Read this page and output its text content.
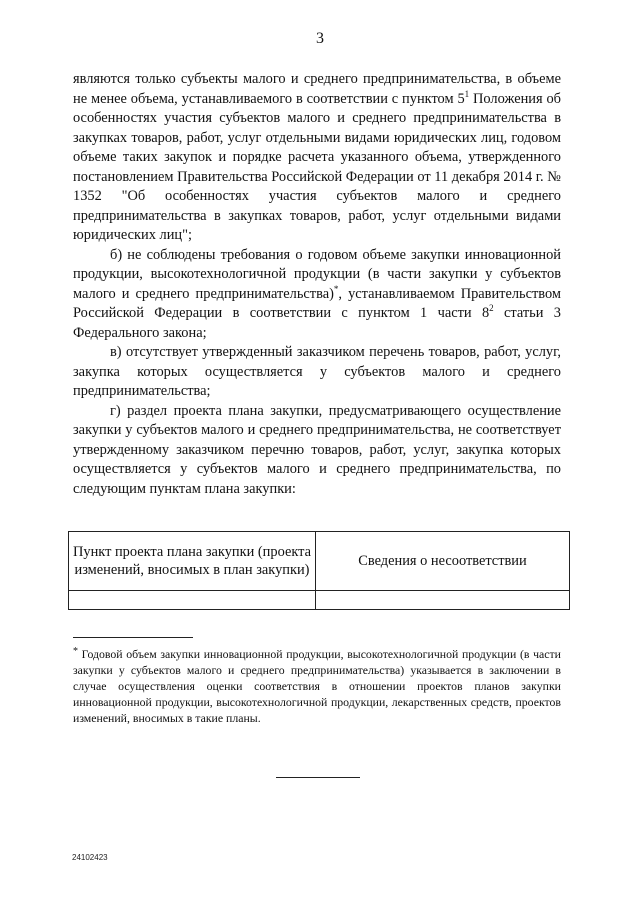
3

являются только субъекты малого и среднего предпринимательства, в объеме не менее объема, устанавливаемого в соответствии с пунктом $5^1$ Положения об особенностях участия субъектов малого и среднего предпринимательства в закупках товаров, работ, услуг отдельными видами юридических лиц, годовом объеме таких закупок и порядке расчета указанного объема, утвержденного постановлением Правительства Российской Федерации от 11 декабря 2014 г. № 1352 "Об особенностях участия субъектов малого и среднего предпринимательства в закупках товаров, работ, услуг отдельными видами юридических лиц";

б) не соблюдены требования о годовом объеме закупки инновационной продукции, высокотехнологичной продукции (в части закупки у субъектов малого и среднего предпринимательства)*, устанавливаемом Правительством Российской Федерации в соответствии с пунктом 1 части $8^2$ статьи 3 Федерального закона;

в) отсутствует утвержденный заказчиком перечень товаров, работ, услуг, закупка которых осуществляется у субъектов малого и среднего предпринимательства;

г) раздел проекта плана закупки, предусматривающего осуществление закупки у субъектов малого и среднего предпринимательства, не соответствует утвержденному заказчиком перечню товаров, работ, услуг, закупка которых осуществляется у субъектов малого и среднего предпринимательства, по следующим пунктам плана закупки:

Пункт проекта плана закупки (проекта изменений, вносимых в план закупки)	Сведения о несоответствии

* Годовой объем закупки инновационной продукции, высокотехнологичной продукции (в части закупки у субъектов малого и среднего предпринимательства) указывается в заключении в случае осуществления оценки соответствия в отношении проектов планов закупки инновационной продукции, высокотехнологичной продукции, лекарственных средств, проектов изменений, вносимых в такие планы.

24102423
